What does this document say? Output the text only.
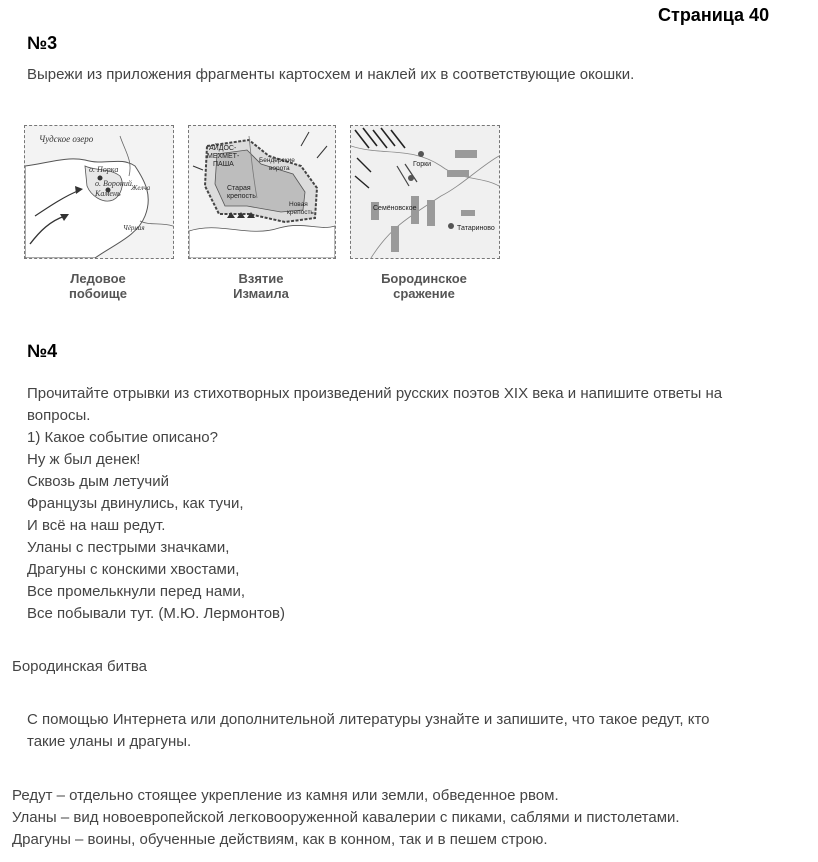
Страница 40
№3
Вырежи из приложения фрагменты картосхем и наклей их в соответствующие окошки.
Чудское озеро
о. Порка
о. Вороний
Камень
Желча
Чёрная
Ледовое
побоище
АЙДОС-
МЕХМЕТ-
ПАША
Бендерские
ворота
Старая
крепость
Новая
крепость
Взятие
Измаила
Горки
Семёновское
Татариново
Бородинское
сражение
№4
Прочитайте отрывки из стихотворных произведений русских поэтов XIX века и напишите ответы на
вопросы.
1) Какое событие описано?
Ну ж был денек!
Сквозь дым летучий
Французы двинулись, как тучи,
И всё на наш редут.
Уланы с пестрыми значками,
Драгуны с конскими хвостами,
Все промелькнули перед нами,
Все побывали тут. (М.Ю. Лермонтов)
Бородинская битва
С помощью Интернета или дополнительной литературы узнайте и запишите, что такое редут, кто
такие уланы и драгуны.
Редут – отдельно стоящее укрепление из камня или земли, обведенное рвом.
Уланы – вид новоевропейской легковооруженной кавалерии с пиками, саблями и пистолетами.
Драгуны – воины, обученные действиям, как в конном, так и в пешем строю.
